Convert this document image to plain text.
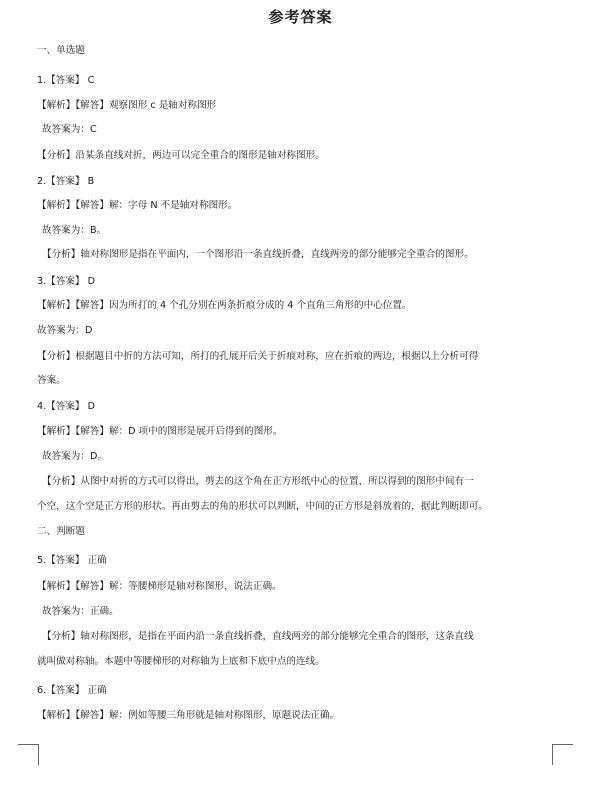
参考答案
一、单选题
1.【答案】 C
【解析】【解答】观察图形 c 是轴对称图形
故答案为：C
【分析】沿某条直线对折，两边可以完全重合的图形是轴对称图形。
2.【答案】 B
【解析】【解答】解：字母 N 不是轴对称图形。
故答案为：B。
【分析】轴对称图形是指在平面内，一个图形沿一条直线折叠，直线两旁的部分能够完全重合的图形。
3.【答案】 D
【解析】【解答】因为所打的 4 个孔分别在两条折痕分成的 4 个直角三角形的中心位置。
故答案为：D
【分析】根据题目中折的方法可知，所打的孔展开后关于折痕对称，应在折痕的两边，根据以上分析可得
答案。
4.【答案】 D
【解析】【解答】解：D 项中的图形是展开后得到的图形。
故答案为：D。
【分析】从图中对折的方式可以得出，剪去的这个角在正方形纸中心的位置，所以得到的图形中间有一
个空，这个空是正方形的形状。再由剪去的角的形状可以判断，中间的正方形是斜放着的，据此判断即可。
二、判断题
5.【答案】 正确
【解析】【解答】解：等腰梯形是轴对称图形，说法正确。
故答案为：正确。
【分析】轴对称图形，是指在平面内沿一条直线折叠，直线两旁的部分能够完全重合的图形，这条直线
就叫做对称轴。本题中等腰梯形的对称轴为上底和下底中点的连线。
6.【答案】 正确
【解析】【解答】解：例如等腰三角形就是轴对称图形，原题说法正确。
